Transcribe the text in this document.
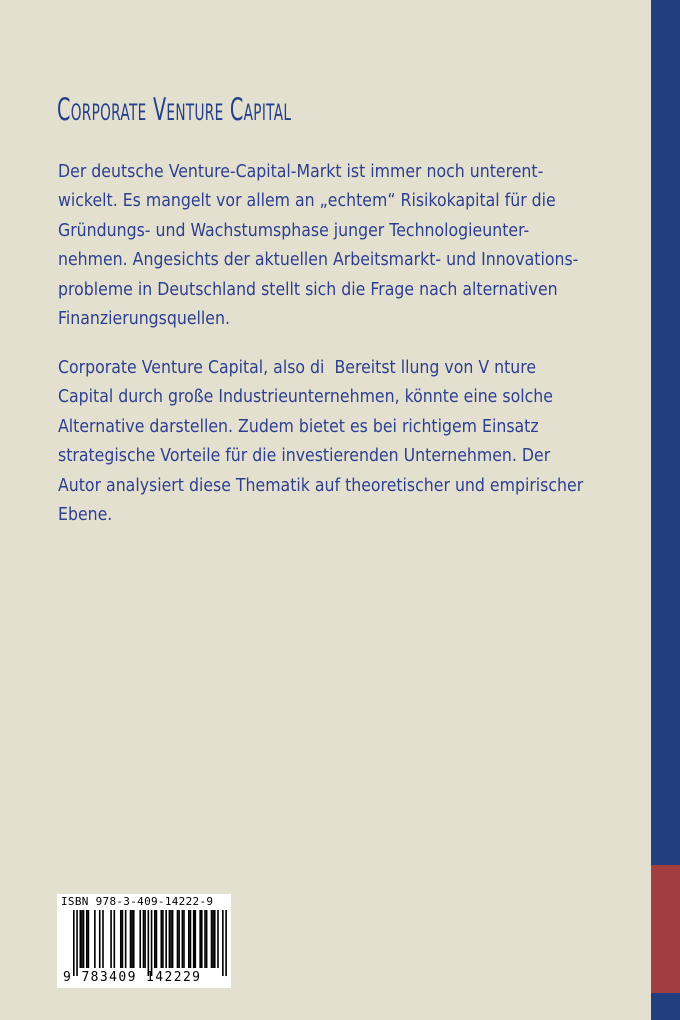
Corporate Venture Capital
Der deutsche Venture-Capital-Markt ist immer noch unterent-
wickelt. Es mangelt vor allem an „echtem“ Risikokapital für die
Gründungs- und Wachstumsphase junger Technologieunter-
nehmen. Angesichts der aktuellen Arbeitsmarkt- und Innovations-
probleme in Deutschland stellt sich die Frage nach alternativen
Finanzierungsquellen.
Corporate Venture Capital, also di  Bereitst llung von V nture
Capital durch große Industrieunternehmen, könnte eine solche
Alternative darstellen. Zudem bietet es bei richtigem Einsatz
strategische Vorteile für die investierenden Unternehmen. Der
Autor analysiert diese Thematik auf theoretischer und empirischer
Ebene.
ISBN 978-3-409-14222-9
9 783409 142229
